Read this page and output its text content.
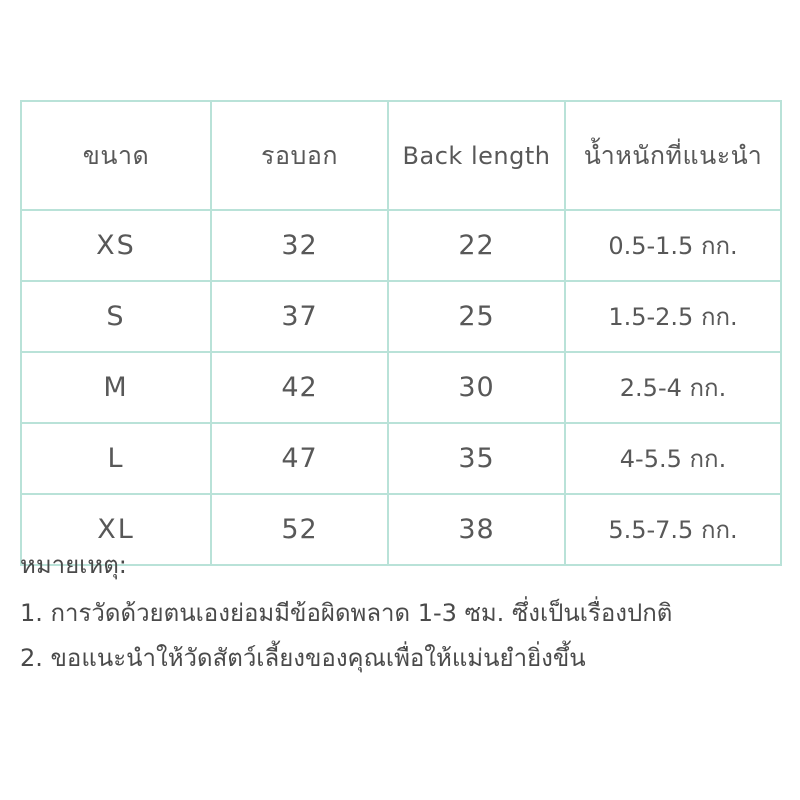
ขนาด	รอบอก	Back length	น้ำหนักที่แนะนำ
XS	32	22	0.5-1.5 กก.
S	37	25	1.5-2.5 กก.
M	42	30	2.5-4 กก.
L	47	35	4-5.5 กก.
XL	52	38	5.5-7.5 กก.
หมายเหตุ:
1. การวัดด้วยตนเองย่อมมีข้อผิดพลาด 1-3 ซม. ซึ่งเป็นเรื่องปกติ
2. ขอแนะนำให้วัดสัตว์เลี้ยงของคุณเพื่อให้แม่นยำยิ่งขึ้น
